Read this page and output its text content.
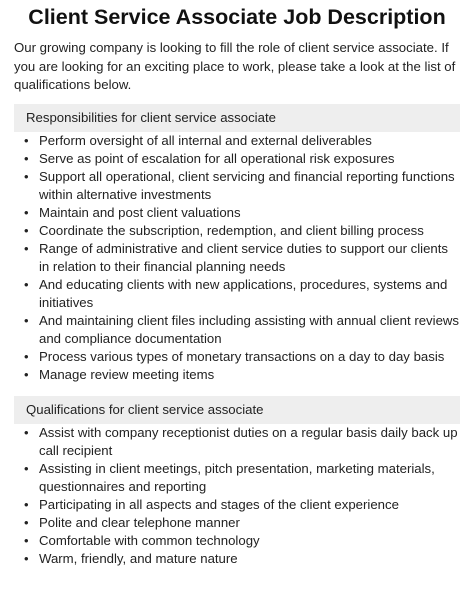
Client Service Associate Job Description

Our growing company is looking to fill the role of client service associate. If you are looking for an exciting place to work, please take a look at the list of qualifications below.

Responsibilities for client service associate
• Perform oversight of all internal and external deliverables
• Serve as point of escalation for all operational risk exposures
• Support all operational, client servicing and financial reporting functions within alternative investments
• Maintain and post client valuations
• Coordinate the subscription, redemption, and client billing process
• Range of administrative and client service duties to support our clients in relation to their financial planning needs
• And educating clients with new applications, procedures, systems and initiatives
• And maintaining client files including assisting with annual client reviews and compliance documentation
• Process various types of monetary transactions on a day to day basis
• Manage review meeting items
Qualifications for client service associate
• Assist with company receptionist duties on a regular basis daily back up call recipient
• Assisting in client meetings, pitch presentation, marketing materials, questionnaires and reporting
• Participating in all aspects and stages of the client experience
• Polite and clear telephone manner
• Comfortable with common technology
• Warm, friendly, and mature nature
